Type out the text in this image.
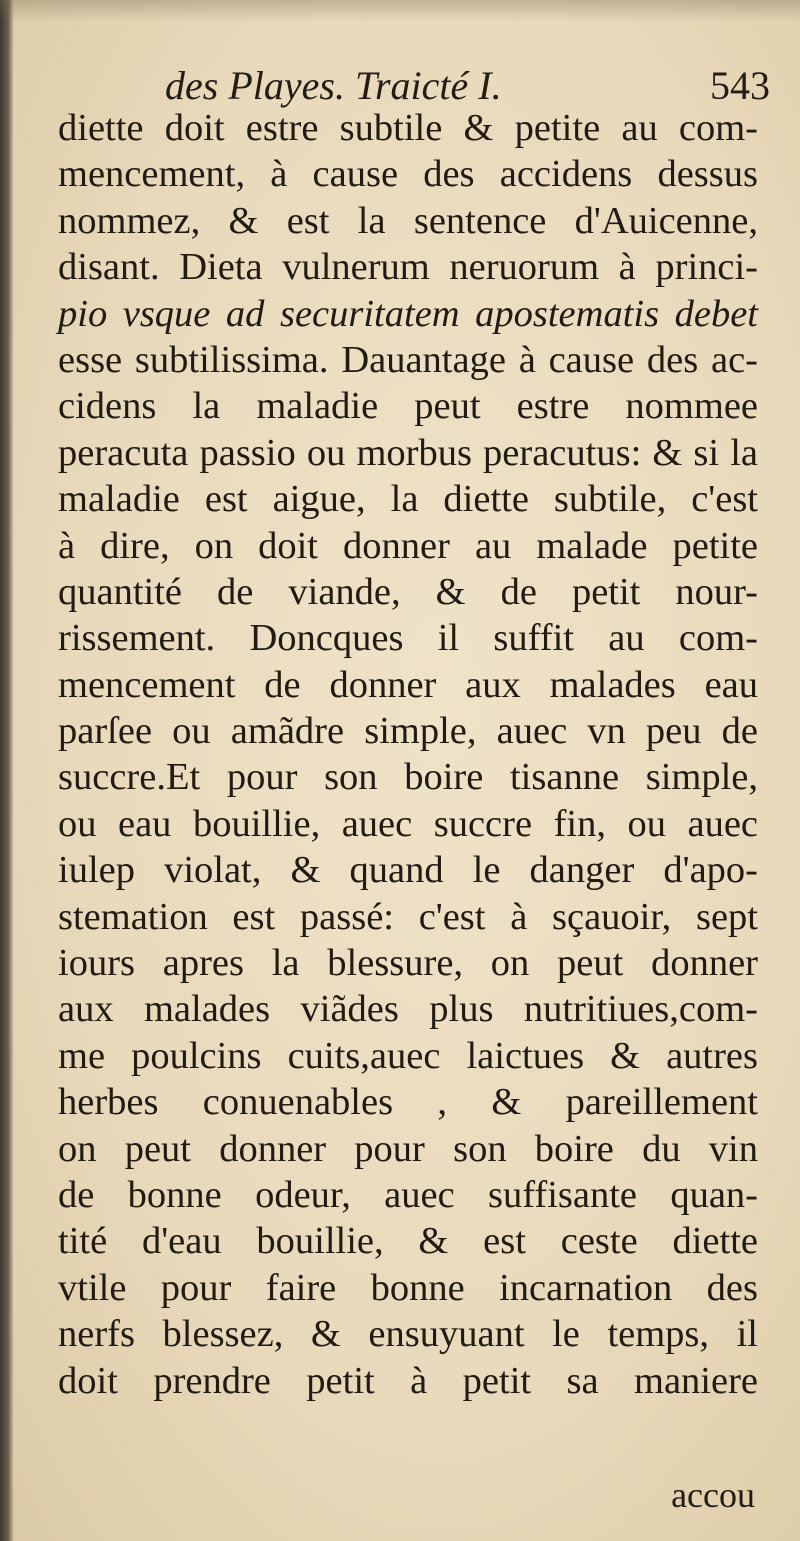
des Playes. Traicté I.	543
diette doit estre subtile & petite au com-
mencement, à cause des accidens dessus
nommez, & est la sentence d'Auicenne,
disant. Dieta vulnerum neruorum à princi-
pio vsque ad securitatem apostematis debet
esse subtilissima. Dauantage à cause des ac-
cidens la maladie peut estre nommee
peracuta passio ou morbus peracutus: & si la
maladie est aigue, la diette subtile, c'est
à dire, on doit donner au malade petite
quantité de viande, & de petit nour-
rissement. Doncques il suffit au com-
mencement de donner aux malades eau
parſee ou amãdre simple, auec vn peu de
succre.Et pour son boire tisanne simple,
ou eau bouillie, auec succre fin, ou auec
iulep violat, & quand le danger d'apo-
stemation est passé: c'est à sçauoir, sept
iours apres la blessure, on peut donner
aux malades viãdes plus nutritiues,com-
me poulcins cuits,auec laictues & autres
herbes conuenables , & pareillement
on peut donner pour son boire du vin
de bonne odeur, auec suffisante quan-
tité d'eau bouillie, & est ceste diette
vtile pour faire bonne incarnation des
nerfs blessez, & ensuyuant le temps, il
doit prendre petit à petit sa maniere
accou
